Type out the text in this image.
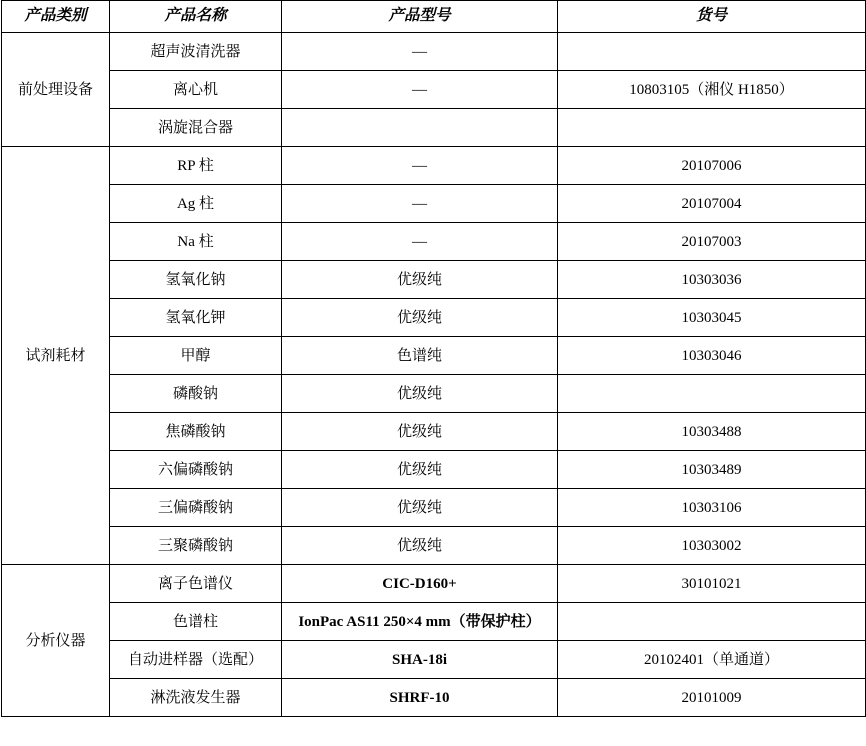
产品类别	产品名称	产品型号	货号
前处理设备	超声波清洗器	—	
	离心机	—	10803105（湘仪 H1850）
	涡旋混合器		
试剂耗材	RP 柱	—	20107006
	Ag 柱	—	20107004
	Na 柱	—	20107003
	氢氧化钠	优级纯	10303036
	氢氧化钾	优级纯	10303045
	甲醇	色谱纯	10303046
	磷酸钠	优级纯	
	焦磷酸钠	优级纯	10303488
	六偏磷酸钠	优级纯	10303489
	三偏磷酸钠	优级纯	10303106
	三聚磷酸钠	优级纯	10303002
分析仪器	离子色谱仪	CIC-D160+	30101021
	色谱柱	IonPac AS11 250×4 mm（带保护柱）	
	自动进样器（选配）	SHA-18i	20102401（单通道）
	淋洗液发生器	SHRF-10	20101009
